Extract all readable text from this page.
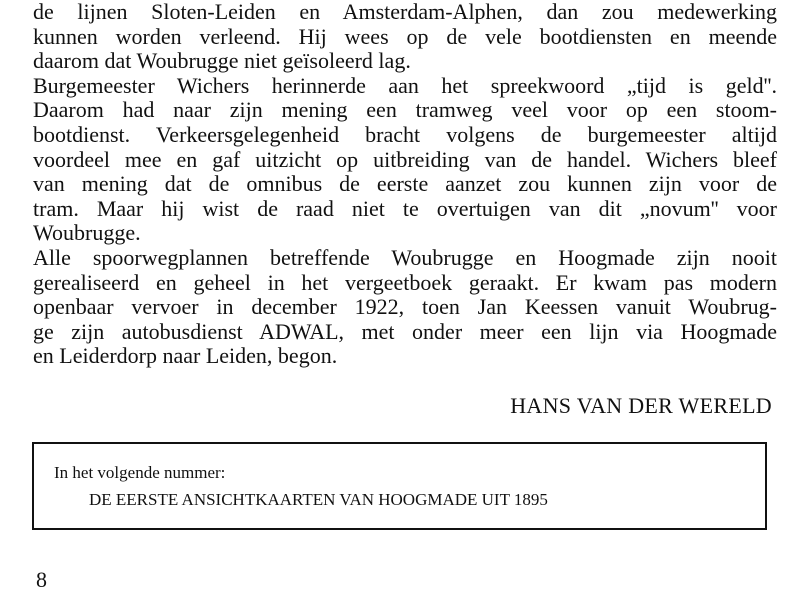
de lijnen Sloten-Leiden en Amsterdam-Alphen, dan zou medewerking
kunnen worden verleend. Hij wees op de vele bootdiensten en meende
daarom dat Woubrugge niet geïsoleerd lag.
Burgemeester Wichers herinnerde aan het spreekwoord „tijd is geld''.
Daarom had naar zijn mening een tramweg veel voor op een stoom-
bootdienst. Verkeersgelegenheid bracht volgens de burgemeester altijd
voordeel mee en gaf uitzicht op uitbreiding van de handel. Wichers bleef
van mening dat de omnibus de eerste aanzet zou kunnen zijn voor de
tram. Maar hij wist de raad niet te overtuigen van dit „novum'' voor
Woubrugge.
Alle spoorwegplannen betreffende Woubrugge en Hoogmade zijn nooit
gerealiseerd en geheel in het vergeetboek geraakt. Er kwam pas modern
openbaar vervoer in december 1922, toen Jan Keessen vanuit Woubrug-
ge zijn autobusdienst ADWAL, met onder meer een lijn via Hoogmade
en Leiderdorp naar Leiden, begon.
HANS VAN DER WERELD
In het volgende nummer:
DE EERSTE ANSICHTKAARTEN VAN HOOGMADE UIT 1895
8
